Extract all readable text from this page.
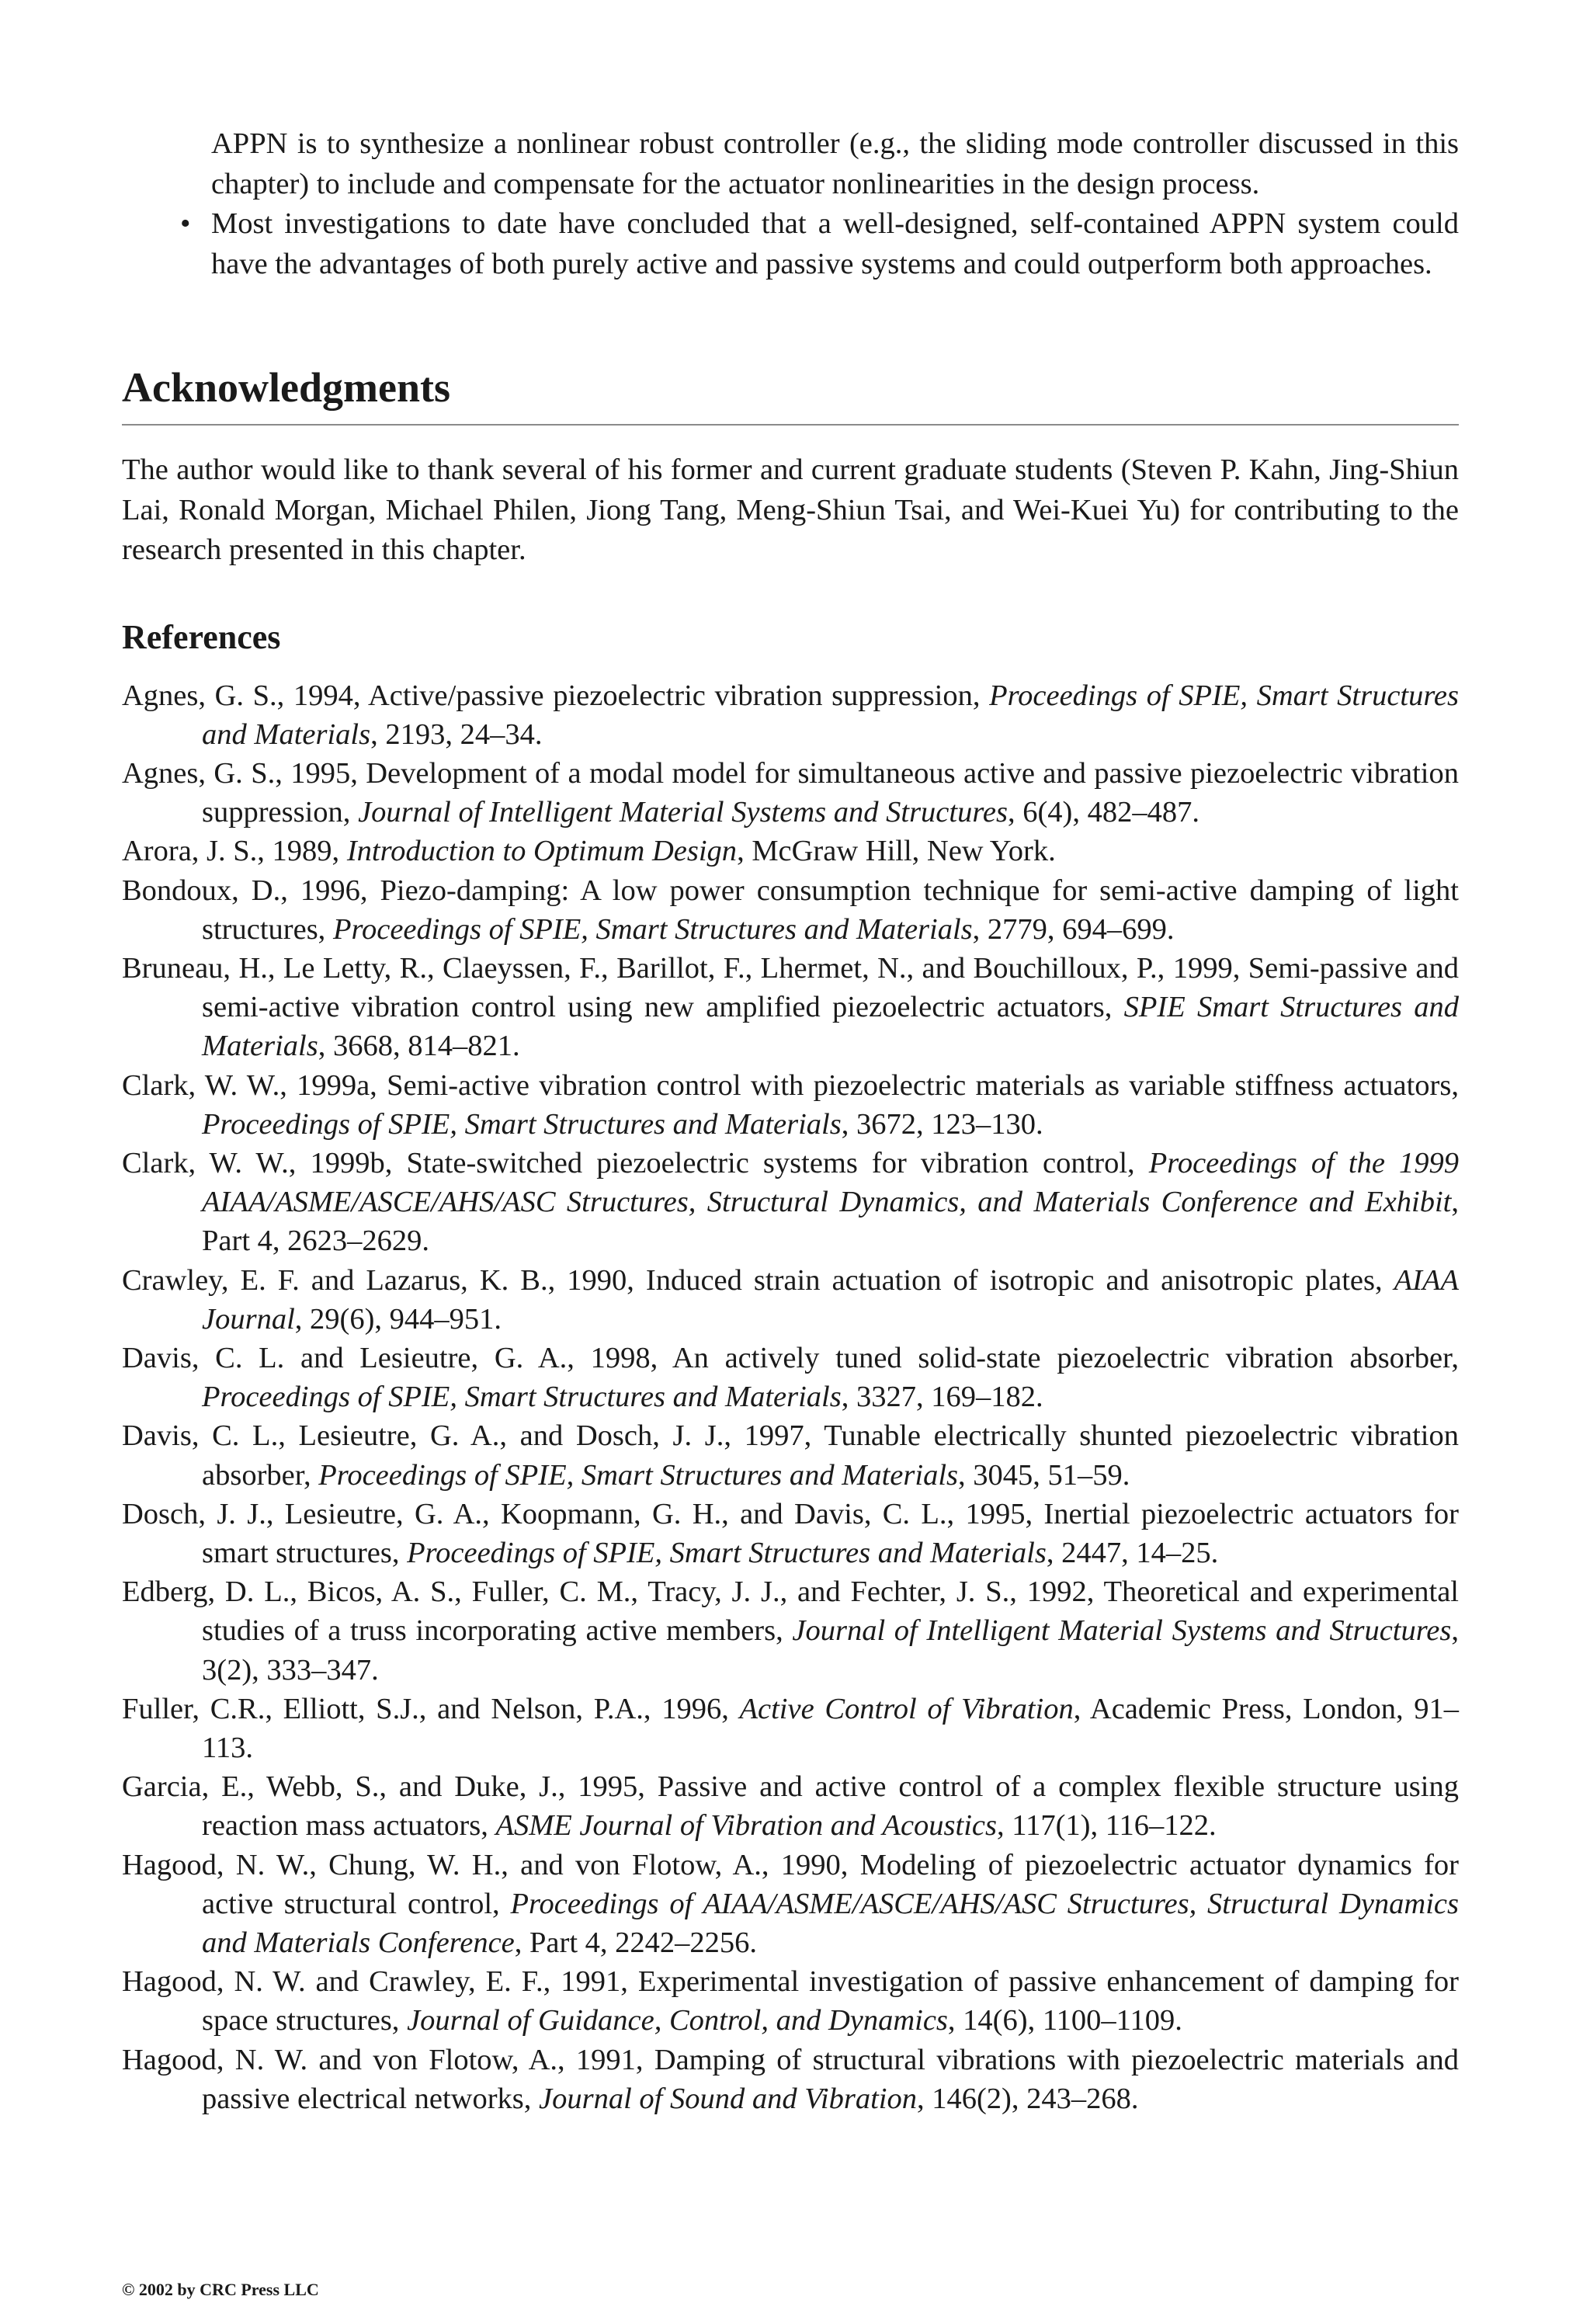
APPN is to synthesize a nonlinear robust controller (e.g., the sliding mode controller discussed in this chapter) to include and compensate for the actuator nonlinearities in the design process.

• Most investigations to date have concluded that a well-designed, self-contained APPN system could have the advantages of both purely active and passive systems and could outperform both approaches.
Acknowledgments

The author would like to thank several of his former and current graduate students (Steven P. Kahn, Jing-Shiun Lai, Ronald Morgan, Michael Philen, Jiong Tang, Meng-Shiun Tsai, and Wei-Kuei Yu) for contributing to the research presented in this chapter.

References

Agnes, G. S., 1994, Active/passive piezoelectric vibration suppression, Proceedings of SPIE, Smart Structures and Materials, 2193, 24–34.

Agnes, G. S., 1995, Development of a modal model for simultaneous active and passive piezoelectric vibration suppression, Journal of Intelligent Material Systems and Structures, 6(4), 482–487.

Arora, J. S., 1989, Introduction to Optimum Design, McGraw Hill, New York.

Bondoux, D., 1996, Piezo-damping: A low power consumption technique for semi-active damping of light structures, Proceedings of SPIE, Smart Structures and Materials, 2779, 694–699.

Bruneau, H., Le Letty, R., Claeyssen, F., Barillot, F., Lhermet, N., and Bouchilloux, P., 1999, Semi-passive and semi-active vibration control using new amplified piezoelectric actuators, SPIE Smart Structures and Materials, 3668, 814–821.

Clark, W. W., 1999a, Semi-active vibration control with piezoelectric materials as variable stiffness actuators, Proceedings of SPIE, Smart Structures and Materials, 3672, 123–130.

Clark, W. W., 1999b, State-switched piezoelectric systems for vibration control, Proceedings of the 1999 AIAA/ASME/ASCE/AHS/ASC Structures, Structural Dynamics, and Materials Conference and Exhibit, Part 4, 2623–2629.

Crawley, E. F. and Lazarus, K. B., 1990, Induced strain actuation of isotropic and anisotropic plates, AIAA Journal, 29(6), 944–951.

Davis, C. L. and Lesieutre, G. A., 1998, An actively tuned solid-state piezoelectric vibration absorber, Proceedings of SPIE, Smart Structures and Materials, 3327, 169–182.

Davis, C. L., Lesieutre, G. A., and Dosch, J. J., 1997, Tunable electrically shunted piezoelectric vibration absorber, Proceedings of SPIE, Smart Structures and Materials, 3045, 51–59.

Dosch, J. J., Lesieutre, G. A., Koopmann, G. H., and Davis, C. L., 1995, Inertial piezoelectric actuators for smart structures, Proceedings of SPIE, Smart Structures and Materials, 2447, 14–25.

Edberg, D. L., Bicos, A. S., Fuller, C. M., Tracy, J. J., and Fechter, J. S., 1992, Theoretical and experimental studies of a truss incorporating active members, Journal of Intelligent Material Systems and Structures, 3(2), 333–347.

Fuller, C.R., Elliott, S.J., and Nelson, P.A., 1996, Active Control of Vibration, Academic Press, London, 91–113.

Garcia, E., Webb, S., and Duke, J., 1995, Passive and active control of a complex flexible structure using reaction mass actuators, ASME Journal of Vibration and Acoustics, 117(1), 116–122.

Hagood, N. W., Chung, W. H., and von Flotow, A., 1990, Modeling of piezoelectric actuator dynamics for active structural control, Proceedings of AIAA/ASME/ASCE/AHS/ASC Structures, Structural Dynamics and Materials Conference, Part 4, 2242–2256.

Hagood, N. W. and Crawley, E. F., 1991, Experimental investigation of passive enhancement of damping for space structures, Journal of Guidance, Control, and Dynamics, 14(6), 1100–1109.

Hagood, N. W. and von Flotow, A., 1991, Damping of structural vibrations with piezoelectric materials and passive electrical networks, Journal of Sound and Vibration, 146(2), 243–268.

© 2002 by CRC Press LLC
